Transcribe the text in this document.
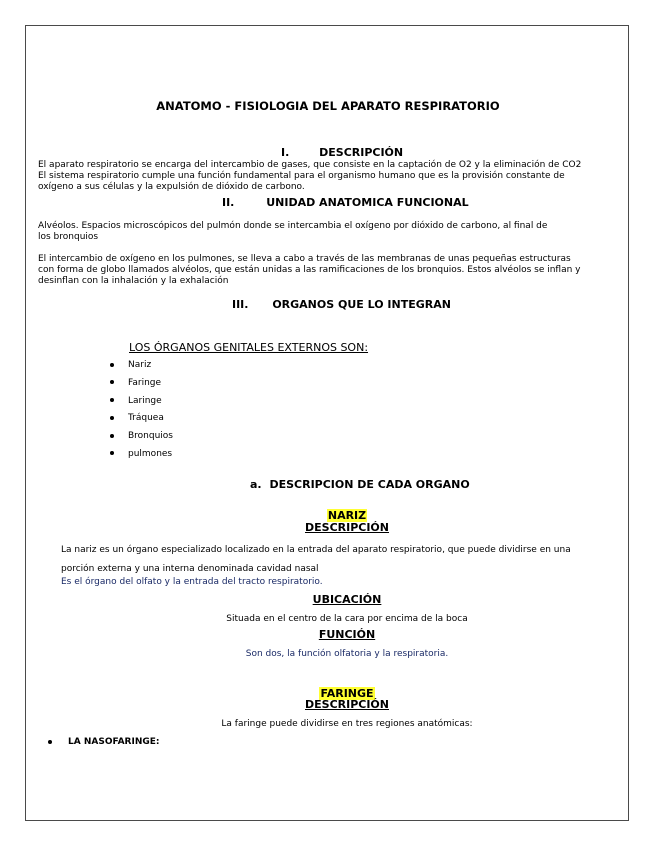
ANATOMO - FISIOLOGIA DEL APARATO RESPIRATORIO
I.	DESCRIPCIÓN
El aparato respiratorio se encarga del intercambio de gases, que consiste en la captación de O2 y la eliminación de CO2
El sistema respiratorio cumple una función fundamental para el organismo humano que es la provisión constante de
oxígeno a sus células y la expulsión de dióxido de carbono.
II.	UNIDAD ANATOMICA FUNCIONAL
Alvéolos. Espacios microscópicos del pulmón donde se intercambia el oxígeno por dióxido de carbono, al final de
los bronquios
El intercambio de oxígeno en los pulmones, se lleva a cabo a través de las membranas de unas pequeñas estructuras
con forma de globo llamados alvéolos, que están unidas a las ramificaciones de los bronquios. Estos alvéolos se inflan y
desinflan con la inhalación y la exhalación
III. ORGANOS QUE LO INTEGRAN
LOS ÓRGANOS GENITALES EXTERNOS SON:
Nariz
Faringe
Laringe
Tráquea
Bronquios
pulmones
a. DESCRIPCION DE CADA ORGANO
NARIZ
DESCRIPCIÓN
La nariz es un órgano especializado localizado en la entrada del aparato respiratorio, que puede dividirse en una
porción externa y una interna denominada cavidad nasal
Es el órgano del olfato y la entrada del tracto respiratorio.
UBICACIÓN
Situada en el centro de la cara por encima de la boca
FUNCIÓN
Son dos, la función olfatoria y la respiratoria.
FARINGE
DESCRIPCIÓN
La faringe puede dividirse en tres regiones anatómicas:
LA NASOFARINGE:
